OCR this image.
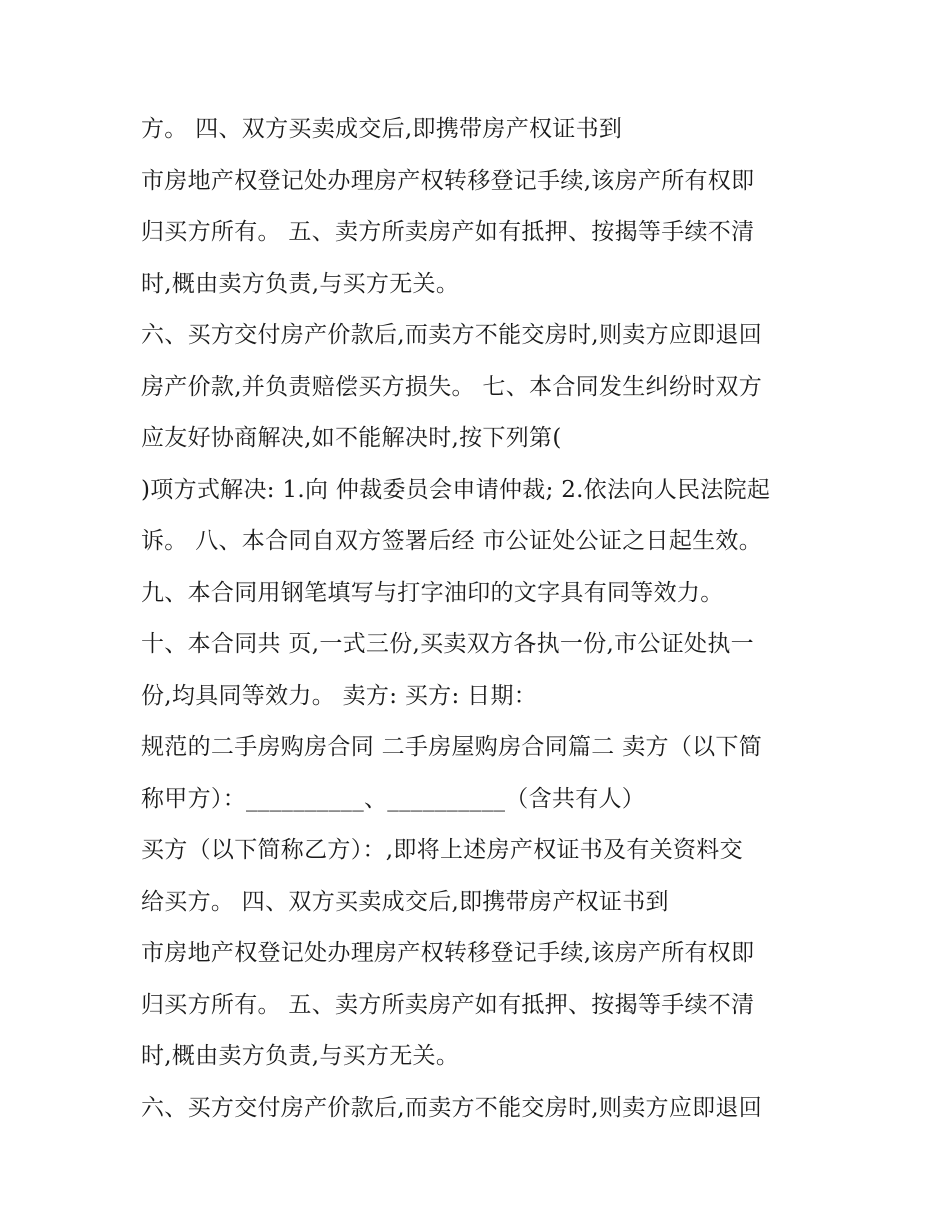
方。 四、双方买卖成交后,即携带房产权证书到
市房地产权登记处办理房产权转移登记手续,该房产所有权即
归买方所有。 五、卖方所卖房产如有抵押、按揭等手续不清
时,概由卖方负责,与买方无关。
六、买方交付房产价款后,而卖方不能交房时,则卖方应即退回
房产价款,并负责赔偿买方损失。 七、本合同发生纠纷时双方
应友好协商解决,如不能解决时,按下列第(
)项方式解决: 1.向 仲裁委员会申请仲裁; 2.依法向人民法院起
诉。 八、本合同自双方签署后经 市公证处公证之日起生效。
九、本合同用钢笔填写与打字油印的文字具有同等效力。
十、本合同共 页,一式三份,买卖双方各执一份,市公证处执一
份,均具同等效力。 卖方: 买方: 日期：
规范的二手房购房合同 二手房屋购房合同篇二 卖方（以下简
称甲方）：__________、__________（含共有人）
买方（以下简称乙方）：,即将上述房产权证书及有关资料交
给买方。 四、双方买卖成交后,即携带房产权证书到
市房地产权登记处办理房产权转移登记手续,该房产所有权即
归买方所有。 五、卖方所卖房产如有抵押、按揭等手续不清
时,概由卖方负责,与买方无关。
六、买方交付房产价款后,而卖方不能交房时,则卖方应即退回
